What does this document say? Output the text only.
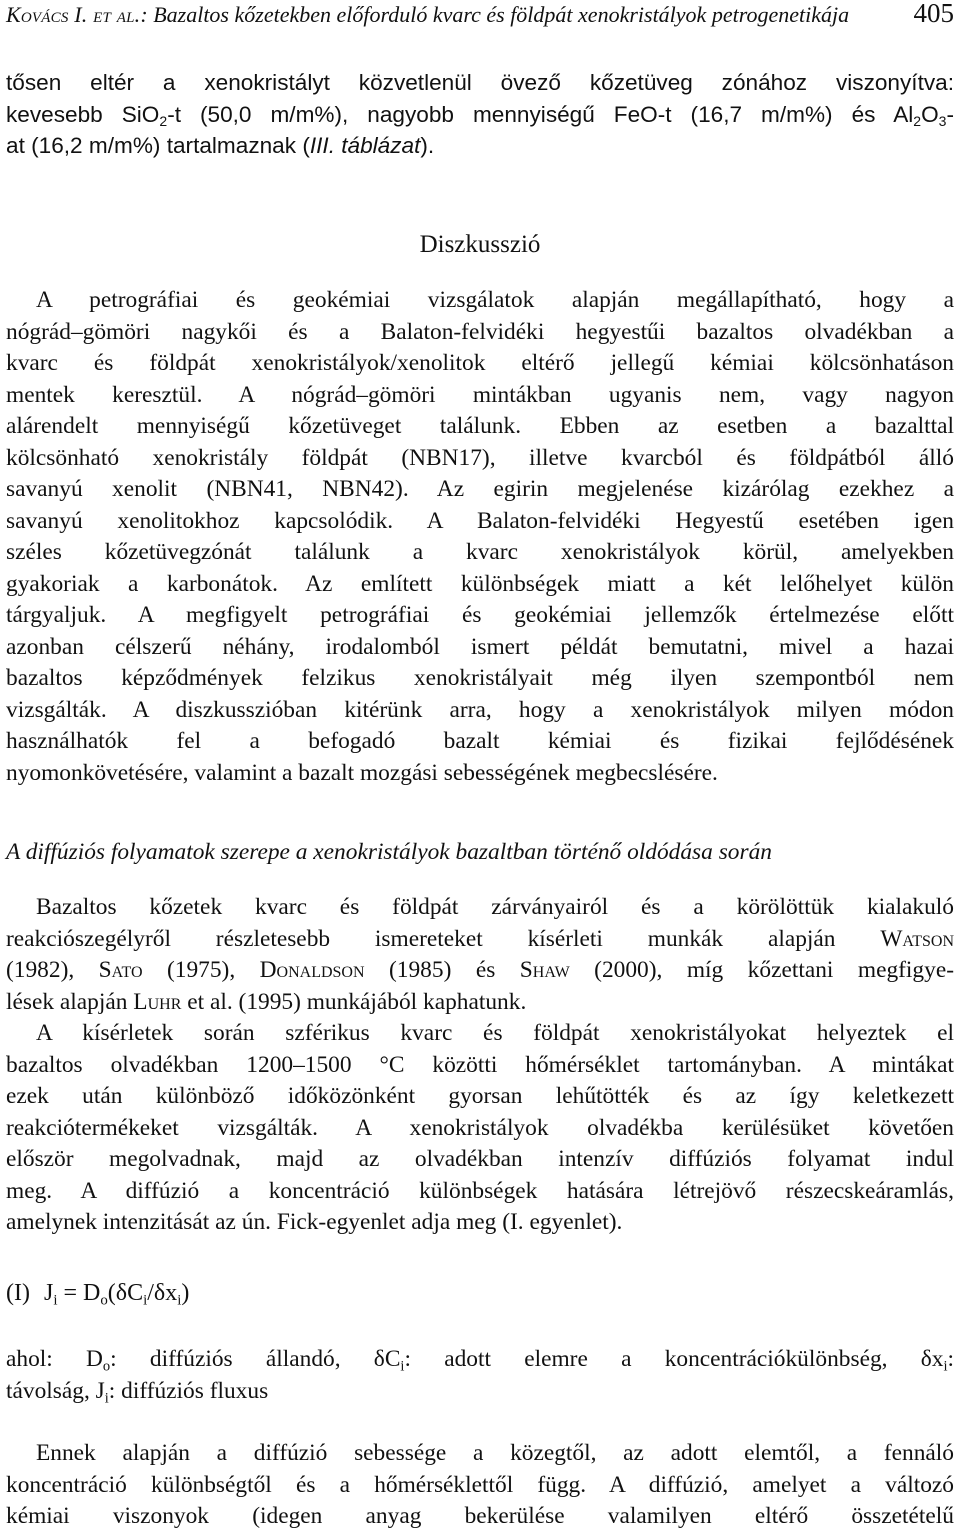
Kovács I. et al.: Bazaltos kőzetekben előforduló kvarc és földpát xenokristályok petrogenetikája 405
tősen eltér a xenokristályt közvetlenül övező kőzetüveg zónához viszonyítva:
kevesebb SiO$_2$-t (50,0 m/m%), nagyobb mennyiségű FeO-t (16,7 m/m%) és $Al_2O_3-$
at (16,2 m/m%) tartalmaznak (III. táblázat).
Diszkusszió
A petrográfiai és geokémiai vizsgálatok alapján megállapítható, hogy a
nógrád–gömöri nagykői és a Balaton-felvidéki hegyestűi bazaltos olvadékban a
kvarc és földpát xenokristályok/xenolitok eltérő jellegű kémiai kölcsönhatáson
mentek keresztül. A nógrád–gömöri mintákban ugyanis nem, vagy nagyon
alárendelt mennyiségű kőzetüveget találunk. Ebben az esetben a bazalttal
kölcsönható xenokristály földpát (NBN17), illetve kvarcból és földpátból álló
savanyú xenolit (NBN41, NBN42). Az egirin megjelenése kizárólag ezekhez a
savanyú xenolitokhoz kapcsolódik. A Balaton-felvidéki Hegyestű esetében igen
széles kőzetüvegzónát találunk a kvarc xenokristályok körül, amelyekben
gyakoriak a karbonátok. Az említett különbségek miatt a két lelőhelyet külön
tárgyaljuk. A megfigyelt petrográfiai és geokémiai jellemzők értelmezése előtt
azonban célszerű néhány, irodalomból ismert példát bemutatni, mivel a hazai
bazaltos képződmények felzikus xenokristályait még ilyen szempontból nem
vizsgálták. A diszkusszióban kitérünk arra, hogy a xenokristályok milyen módon
használhatók fel a befogadó bazalt kémiai és fizikai fejlődésének
nyomonkövetésére, valamint a bazalt mozgási sebességének megbecslésére.
A diffúziós folyamatok szerepe a xenokristályok bazaltban történő oldódása során
Bazaltos kőzetek kvarc és földpát zárványairól és a körölöttük kialakuló
reakciószegélyről részletesebb ismereteket kísérleti munkák alapján Watson
(1982), Sato (1975), Donaldson (1985) és Shaw (2000), míg kőzettani megfigye-
lések alapján Luhr et al. (1995) munkájából kaphatunk.
A kísérletek során szférikus kvarc és földpát xenokristályokat helyeztek el
bazaltos olvadékban 1200–1500 °C közötti hőmérséklet tartományban. A mintákat
ezek után különböző időközönként gyorsan lehűtötték és az így keletkezett
reakciótermékeket vizsgálták. A xenokristályok olvadékba kerülésüket követően
először megolvadnak, majd az olvadékban intenzív diffúziós folyamat indul
meg. A diffúzió a koncentráció különbségek hatására létrejövő részecskeáramlás,
amelynek intenzitását az ún. Fick-egyenlet adja meg (I. egyenlet).
(I) $J_i = D_o(\delta C_i/\delta x_i)$
ahol: $D_o$: diffúziós állandó, $\delta C_i$: adott elemre a koncentrációkülönbség, $\delta x_i$:
távolság, $J_i$: diffúziós fluxus
Ennek alapján a diffúzió sebessége a közegtől, az adott elemtől, a fennáló
koncentráció különbségtől és a hőmérséklettől függ. A diffúzió, amelyet a változó
kémiai viszonyok (idegen anyag bekerülése valamilyen eltérő összetételű
